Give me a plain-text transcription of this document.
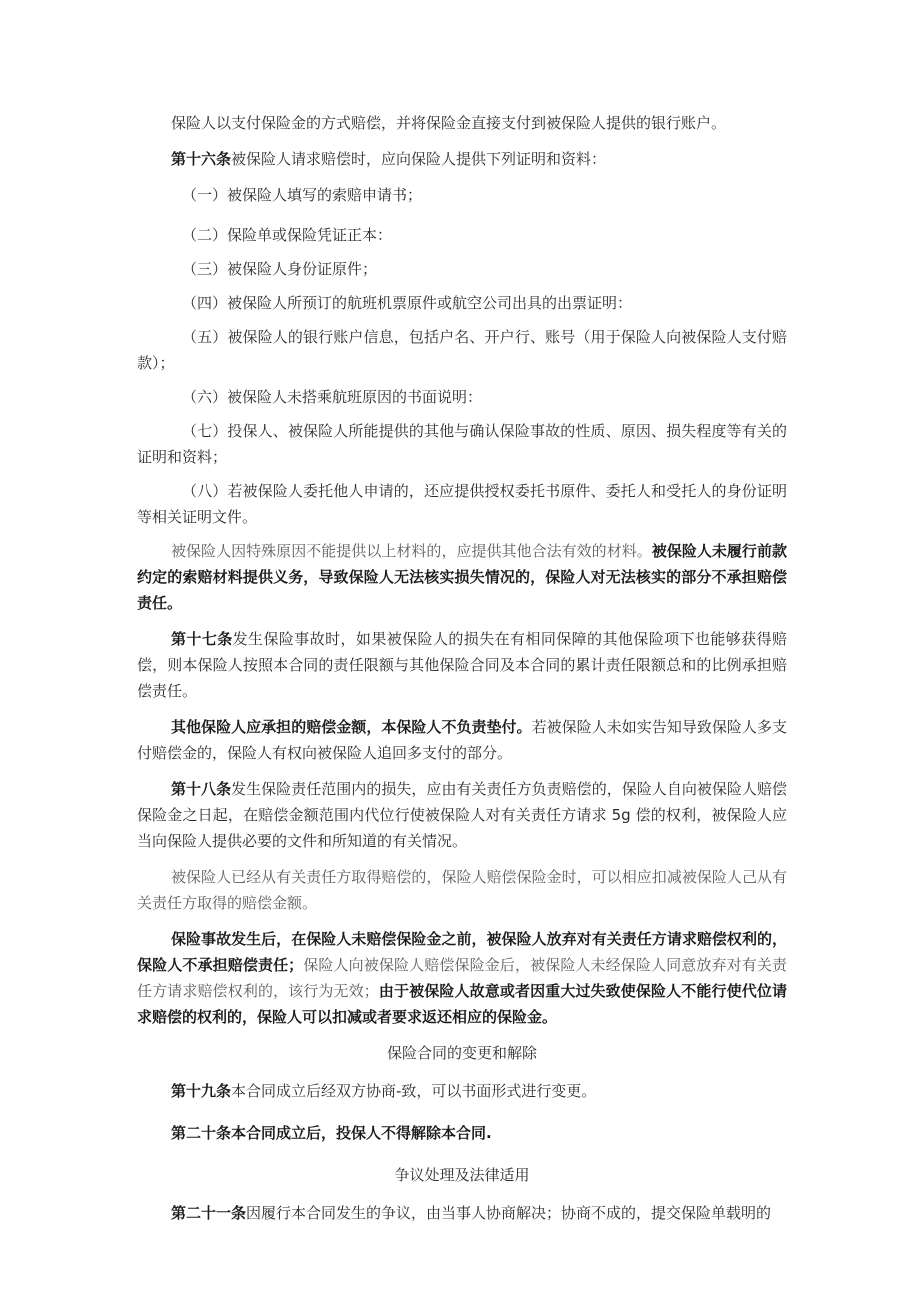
保险人以支付保险金的方式赔偿，并将保险金直接支付到被保险人提供的银行账户。

第十六条被保险人请求赔偿时，应向保险人提供下列证明和资料：

（一）被保险人填写的索赔申请书；

（二）保险单或保险凭证正本：

（三）被保险人身份证原件；

（四）被保险人所预订的航班机票原件或航空公司出具的出票证明：

（五）被保险人的银行账户信息，包括户名、开户行、账号（用于保险人向被保险人支付赔款）；

（六）被保险人未搭乘航班原因的书面说明：

（七）投保人、被保险人所能提供的其他与确认保险事故的性质、原因、损失程度等有关的证明和资料；

（八）若被保险人委托他人申请的，还应提供授权委托书原件、委托人和受托人的身份证明等相关证明文件。

被保险人因特殊原因不能提供以上材料的，应提供其他合法有效的材料。被保险人未履行前款约定的索赔材料提供义务，导致保险人无法核实损失情况的，保险人对无法核实的部分不承担赔偿责任。

第十七条发生保险事故时，如果被保险人的损失在有相同保障的其他保险项下也能够获得赔偿，则本保险人按照本合同的责任限额与其他保险合同及本合同的累计责任限额总和的比例承担赔偿责任。

其他保险人应承担的赔偿金额，本保险人不负责垫付。若被保险人未如实告知导致保险人多支付赔偿金的，保险人有权向被保险人追回多支付的部分。

第十八条发生保险责任范围内的损失，应由有关责任方负责赔偿的，保险人自向被保险人赔偿保险金之日起，在赔偿金额范围内代位行使被保险人对有关责任方请求 5g 偿的权利，被保险人应当向保险人提供必要的文件和所知道的有关情况。

被保险人已经从有关责任方取得赔偿的，保险人赔偿保险金时，可以相应扣减被保险人己从有关责任方取得的赔偿金额。

保险事故发生后，在保险人未赔偿保险金之前，被保险人放弃对有关责任方请求赔偿权利的，保险人不承担赔偿责任；保险人向被保险人赔偿保险金后，被保险人未经保险人同意放弃对有关责任方请求赔偿权利的，该行为无效；由于被保险人故意或者因重大过失致使保险人不能行使代位请求赔偿的权利的，保险人可以扣减或者要求返还相应的保险金。

保险合同的变更和解除

第十九条本合同成立后经双方协商-致，可以书面形式进行变更。

第二十条本合同成立后，投保人不得解除本合同.

争议处理及法律适用

第二十一条因履行本合同发生的争议，由当事人协商解决；协商不成的，提交保险单载明的
